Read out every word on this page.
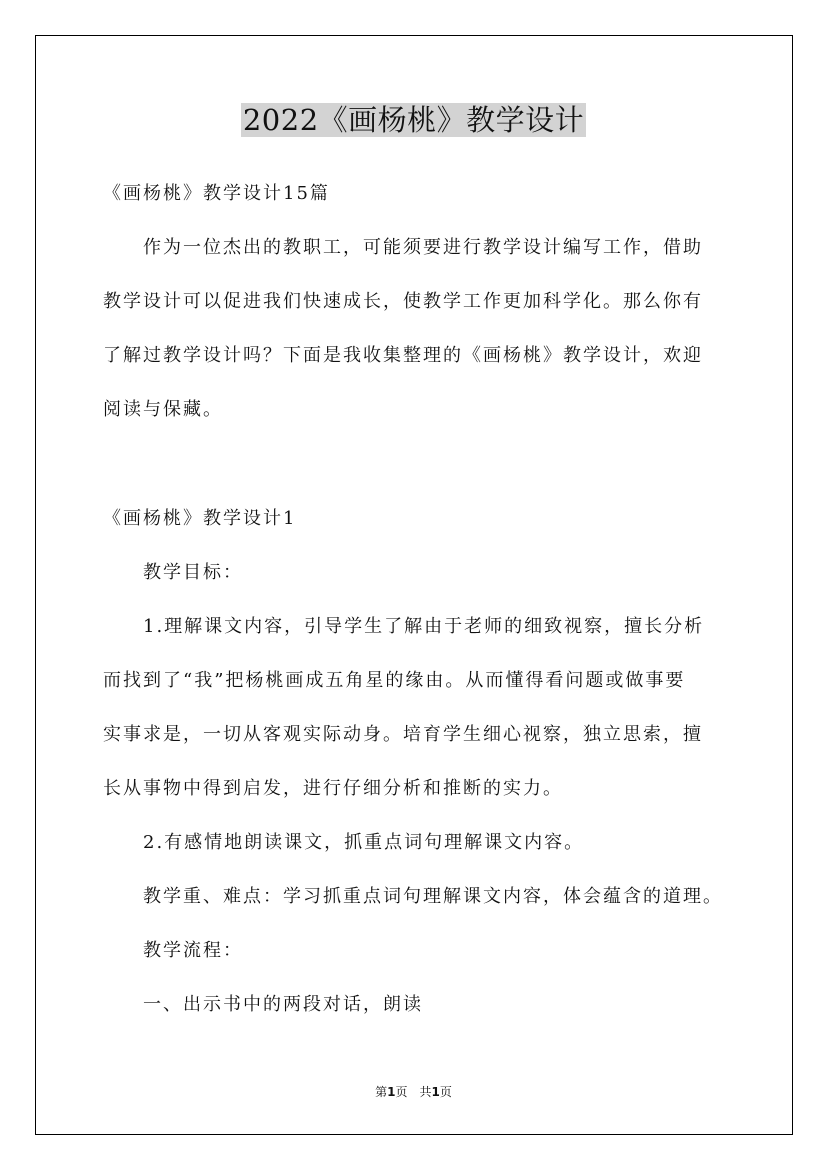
2022《画杨桃》教学设计
《画杨桃》教学设计15篇
作为一位杰出的教职工，可能须要进行教学设计编写工作，借助
教学设计可以促进我们快速成长，使教学工作更加科学化。那么你有
了解过教学设计吗？下面是我收集整理的《画杨桃》教学设计，欢迎
阅读与保藏。
《画杨桃》教学设计1
教学目标：
1.理解课文内容，引导学生了解由于老师的细致视察，擅长分析
而找到了“我”把杨桃画成五角星的缘由。从而懂得看问题或做事要
实事求是，一切从客观实际动身。培育学生细心视察，独立思索，擅
长从事物中得到启发，进行仔细分析和推断的实力。
2.有感情地朗读课文，抓重点词句理解课文内容。
教学重、难点：学习抓重点词句理解课文内容，体会蕴含的道理。
教学流程：
一、出示书中的两段对话，朗读
第1页　共1页
